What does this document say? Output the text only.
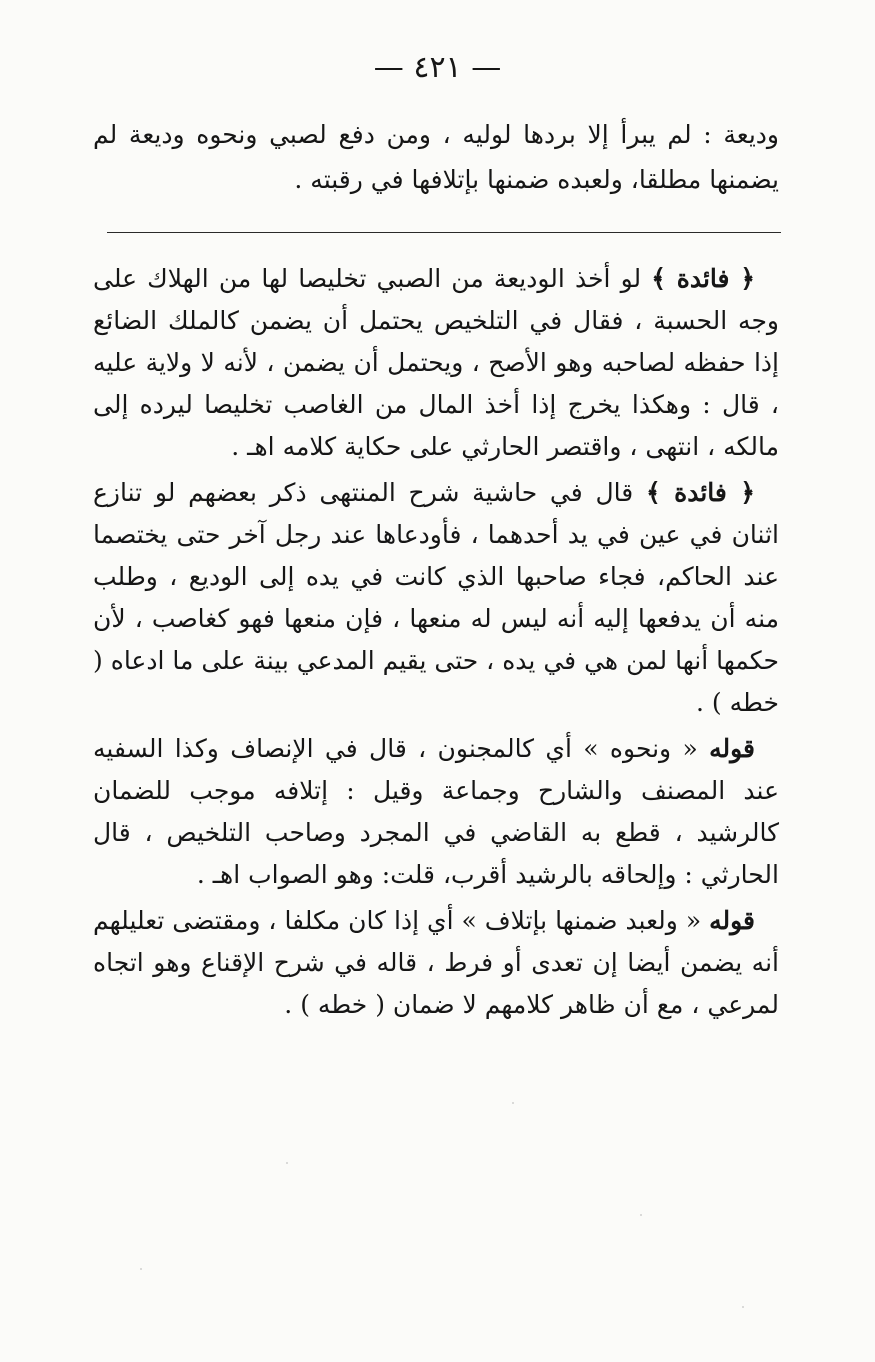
— ٤٢١ —

وديعة : لم يبرأ إلا بردها لوليه ، ومن دفع لصبي ونحوه وديعة لم يضمنها مطلقا، ولعبده ضمنها بإتلافها في رقبته .

﴿ فائدة ﴾ لو أخذ الوديعة من الصبي تخليصا لها من الهلاك على وجه الحسبة ، فقال في التلخيص يحتمل أن يضمن كالملك الضائع إذا حفظه لصاحبه وهو الأصح ، ويحتمل أن يضمن ، لأنه لا ولاية عليه ، قال : وهكذا يخرج إذا أخذ المال من الغاصب تخليصا ليرده إلى مالكه ، انتهى ، واقتصر الحارثي على حكاية كلامه اهـ .

﴿ فائدة ﴾ قال في حاشية شرح المنتهى ذكر بعضهم لو تنازع اثنان في عين في يد أحدهما ، فأودعاها عند رجل آخر حتى يختصما عند الحاكم، فجاء صاحبها الذي كانت في يده إلى الوديع ، وطلب منه أن يدفعها إليه أنه ليس له منعها ، فإن منعها فهو كغاصب ، لأن حكمها أنها لمن هي في يده ، حتى يقيم المدعي بينة على ما ادعاه ( خطه ) .

قوله « ونحوه » أي كالمجنون ، قال في الإنصاف وكذا السفيه عند المصنف والشارح وجماعة وقيل : إتلافه موجب للضمان كالرشيد ، قطع به القاضي في المجرد وصاحب التلخيص ، قال الحارثي : وإلحاقه بالرشيد أقرب، قلت: وهو الصواب اهـ .

قوله « ولعبد ضمنها بإتلاف » أي إذا كان مكلفا ، ومقتضى تعليلهم أنه يضمن أيضا إن تعدى أو فرط ، قاله في شرح الإقناع وهو اتجاه لمرعي ، مع أن ظاهر كلامهم لا ضمان ( خطه ) .
